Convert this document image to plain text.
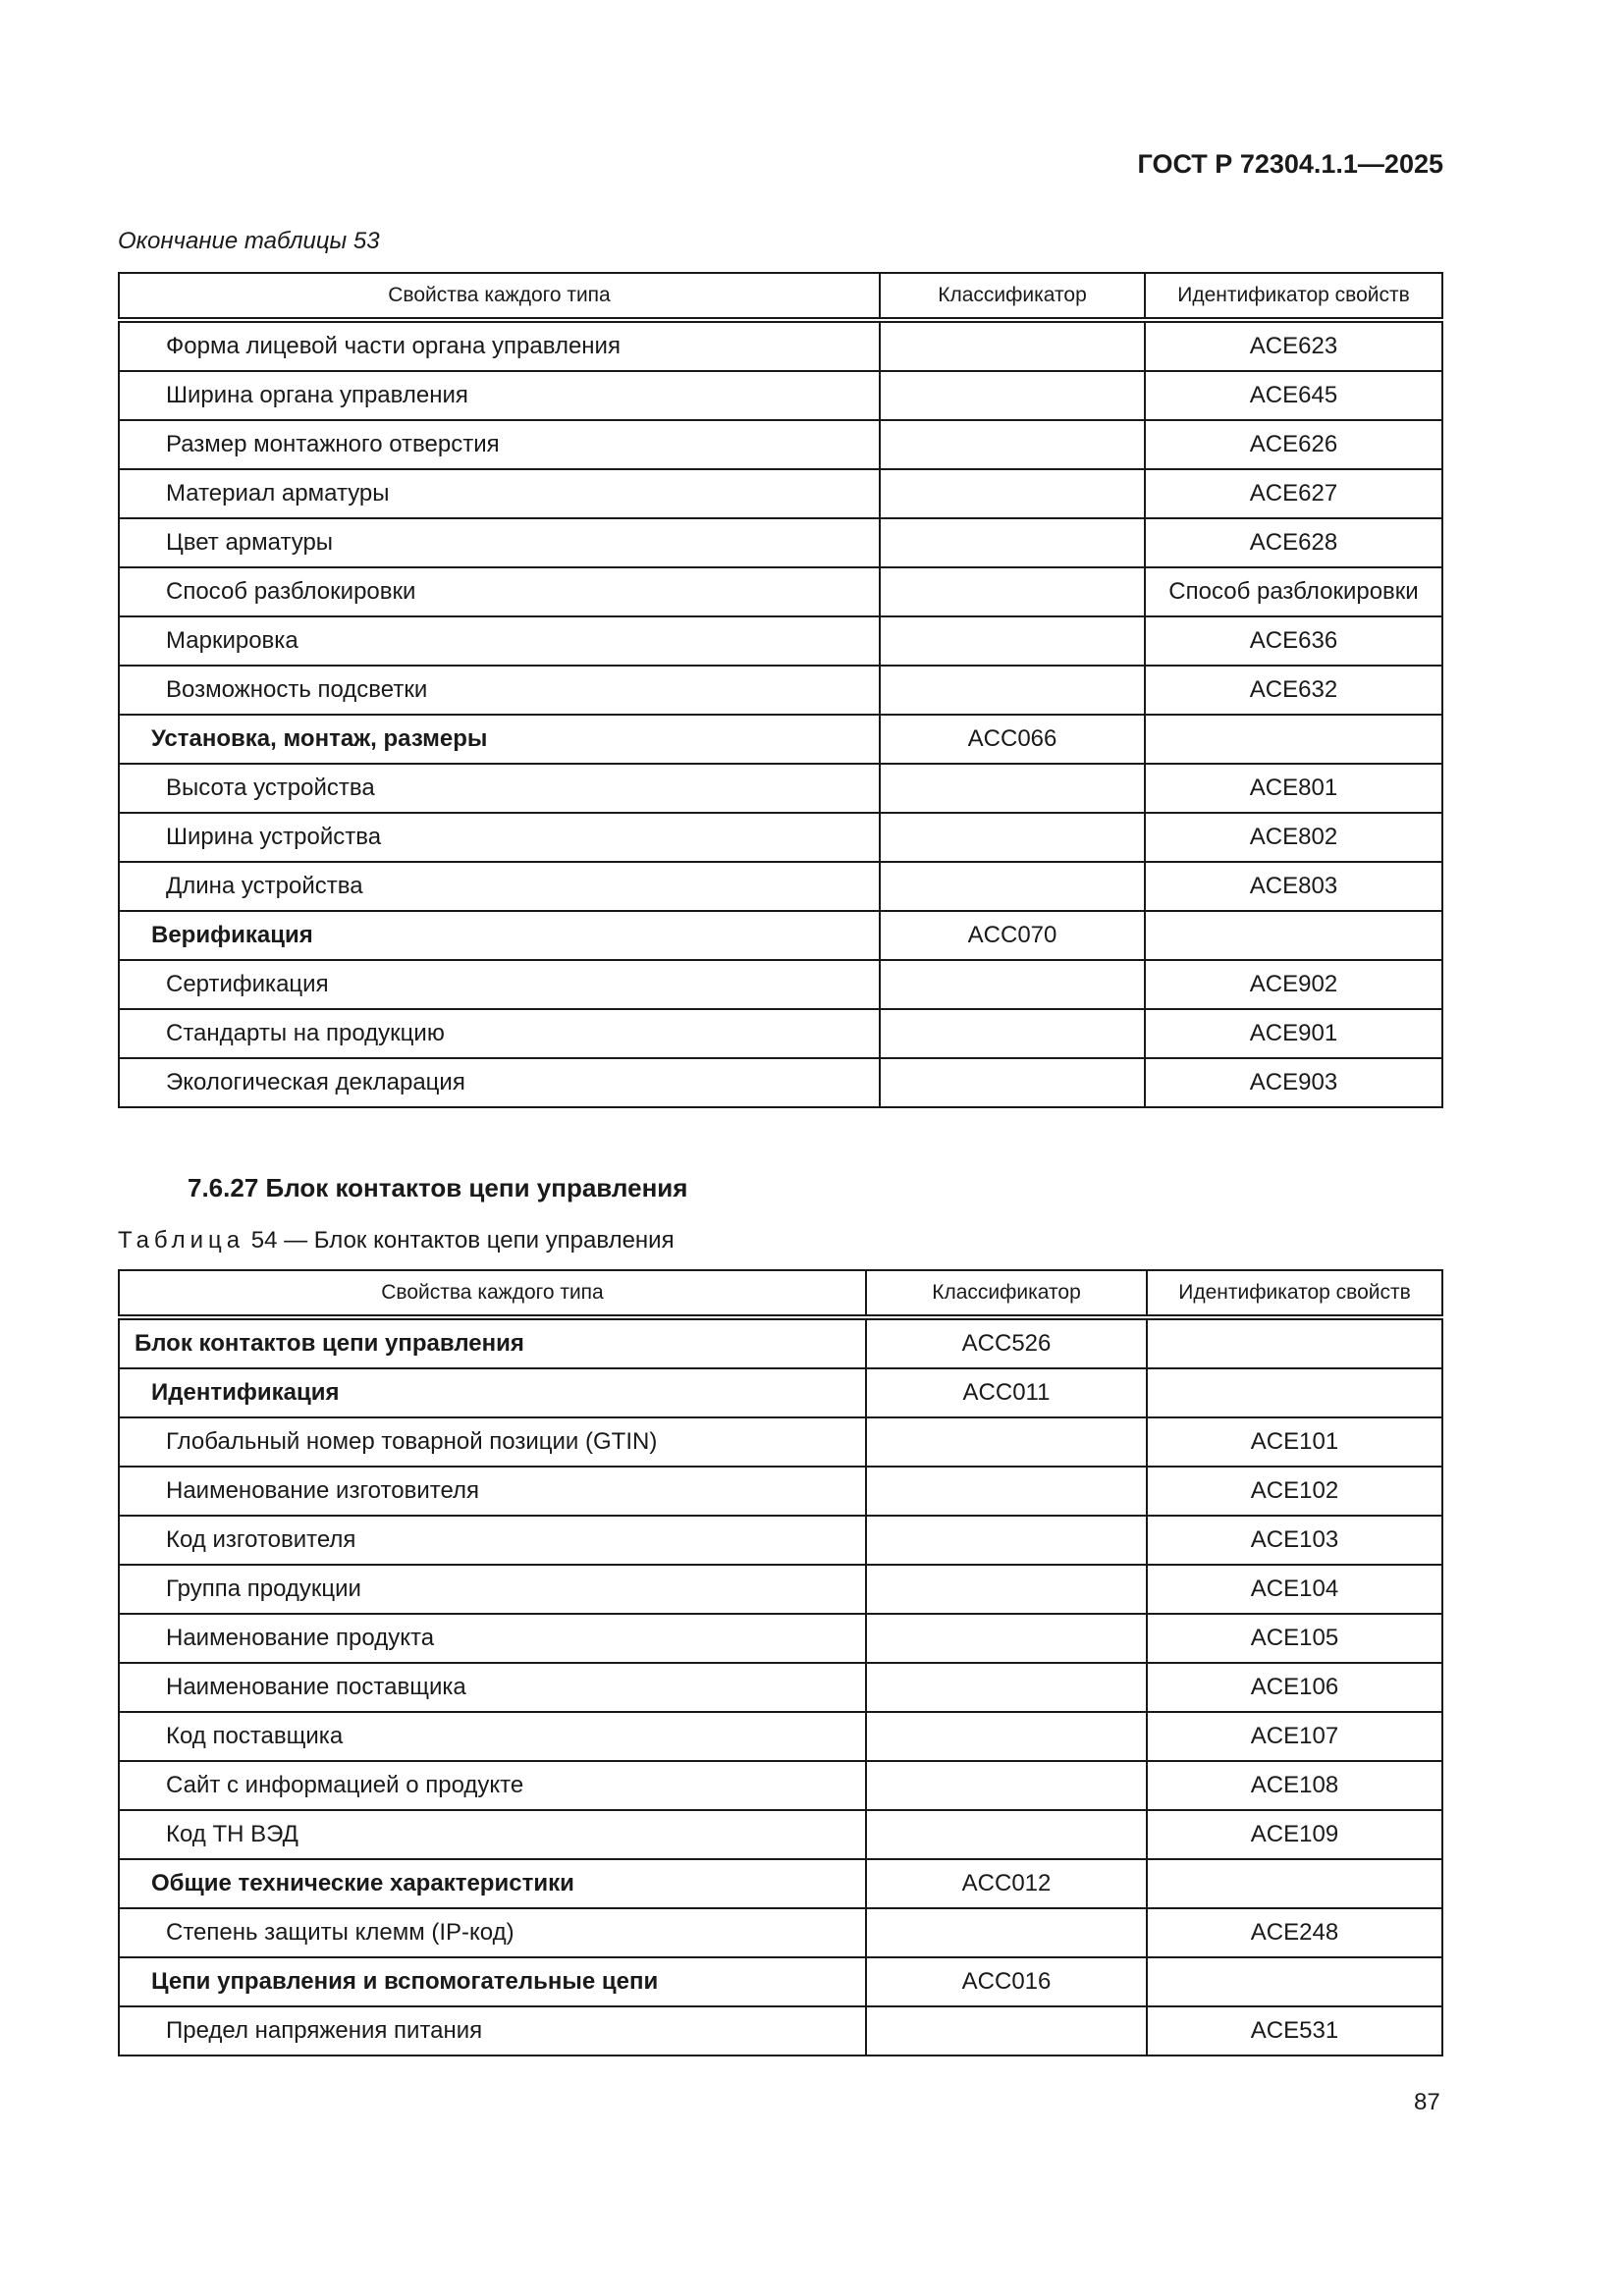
ГОСТ Р 72304.1.1—2025
Окончание таблицы 53
Свойства каждого типа	Классификатор	Идентификатор свойств
Форма лицевой части органа управления		ACE623
Ширина органа управления		ACE645
Размер монтажного отверстия		ACE626
Материал арматуры		ACE627
Цвет арматуры		ACE628
Способ разблокировки		Способ разблокировки
Маркировка		ACE636
Возможность подсветки		ACE632
Установка, монтаж, размеры	ACC066	
Высота устройства		ACE801
Ширина устройства		ACE802
Длина устройства		ACE803
Верификация	ACC070	
Сертификация		ACE902
Стандарты на продукцию		ACE901
Экологическая декларация		ACE903
7.6.27 Блок контактов цепи управления
Таблица 54 — Блок контактов цепи управления
Свойства каждого типа	Классификатор	Идентификатор свойств
Блок контактов цепи управления	ACC526	
Идентификация	ACC011	
Глобальный номер товарной позиции (GTIN)		ACE101
Наименование изготовителя		ACE102
Код изготовителя		ACE103
Группа продукции		ACE104
Наименование продукта		ACE105
Наименование поставщика		ACE106
Код поставщика		ACE107
Сайт с информацией о продукте		ACE108
Код ТН ВЭД		ACE109
Общие технические характеристики	ACC012	
Степень защиты клемм (IP-код)		ACE248
Цепи управления и вспомогательные цепи	ACC016	
Предел напряжения питания		ACE531
87
